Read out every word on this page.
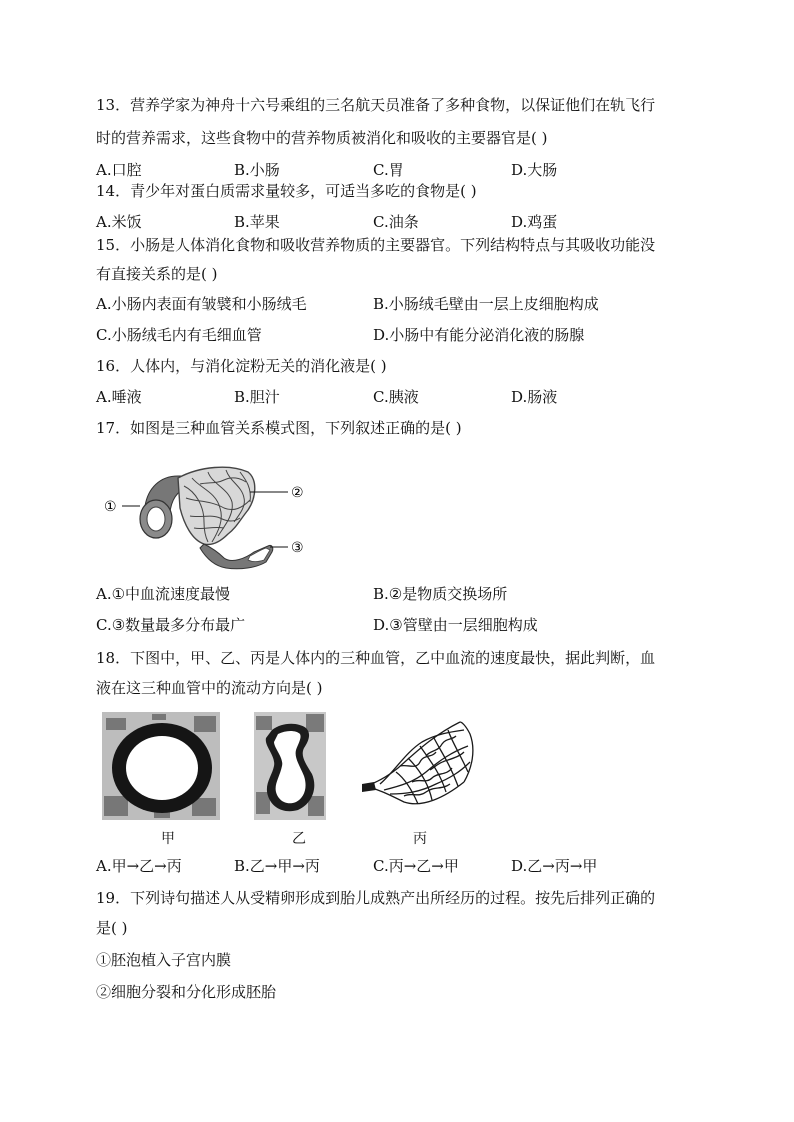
13．营养学家为神舟十六号乘组的三名航天员准备了多种食物，以保证他们在轨飞行
时的营养需求，这些食物中的营养物质被消化和吸收的主要器官是( )
A.口腔	B.小肠	C.胃	D.大肠
14．青少年对蛋白质需求量较多，可适当多吃的食物是( )
A.米饭	B.苹果	C.油条	D.鸡蛋
15．小肠是人体消化食物和吸收营养物质的主要器官。下列结构特点与其吸收功能没
有直接关系的是( )
A.小肠内表面有皱襞和小肠绒毛	B.小肠绒毛壁由一层上皮细胞构成
C.小肠绒毛内有毛细血管	D.小肠中有能分泌消化液的肠腺
16．人体内，与消化淀粉无关的消化液是( )
A.唾液	B.胆汁	C.胰液	D.肠液
17．如图是三种血管关系模式图，下列叙述正确的是( )
①
②
③
A.①中血流速度最慢	B.②是物质交换场所
C.③数量最多分布最广	D.③管壁由一层细胞构成
18．下图中，甲、乙、丙是人体内的三种血管，乙中血流的速度最快，据此判断，血
液在这三种血管中的流动方向是( )
甲	乙	丙
A.甲→乙→丙	B.乙→甲→丙	C.丙→乙→甲	D.乙→丙→甲
19．下列诗句描述人从受精卵形成到胎儿成熟产出所经历的过程。按先后排列正确的
是( )
①胚泡植入子宫内膜
②细胞分裂和分化形成胚胎
